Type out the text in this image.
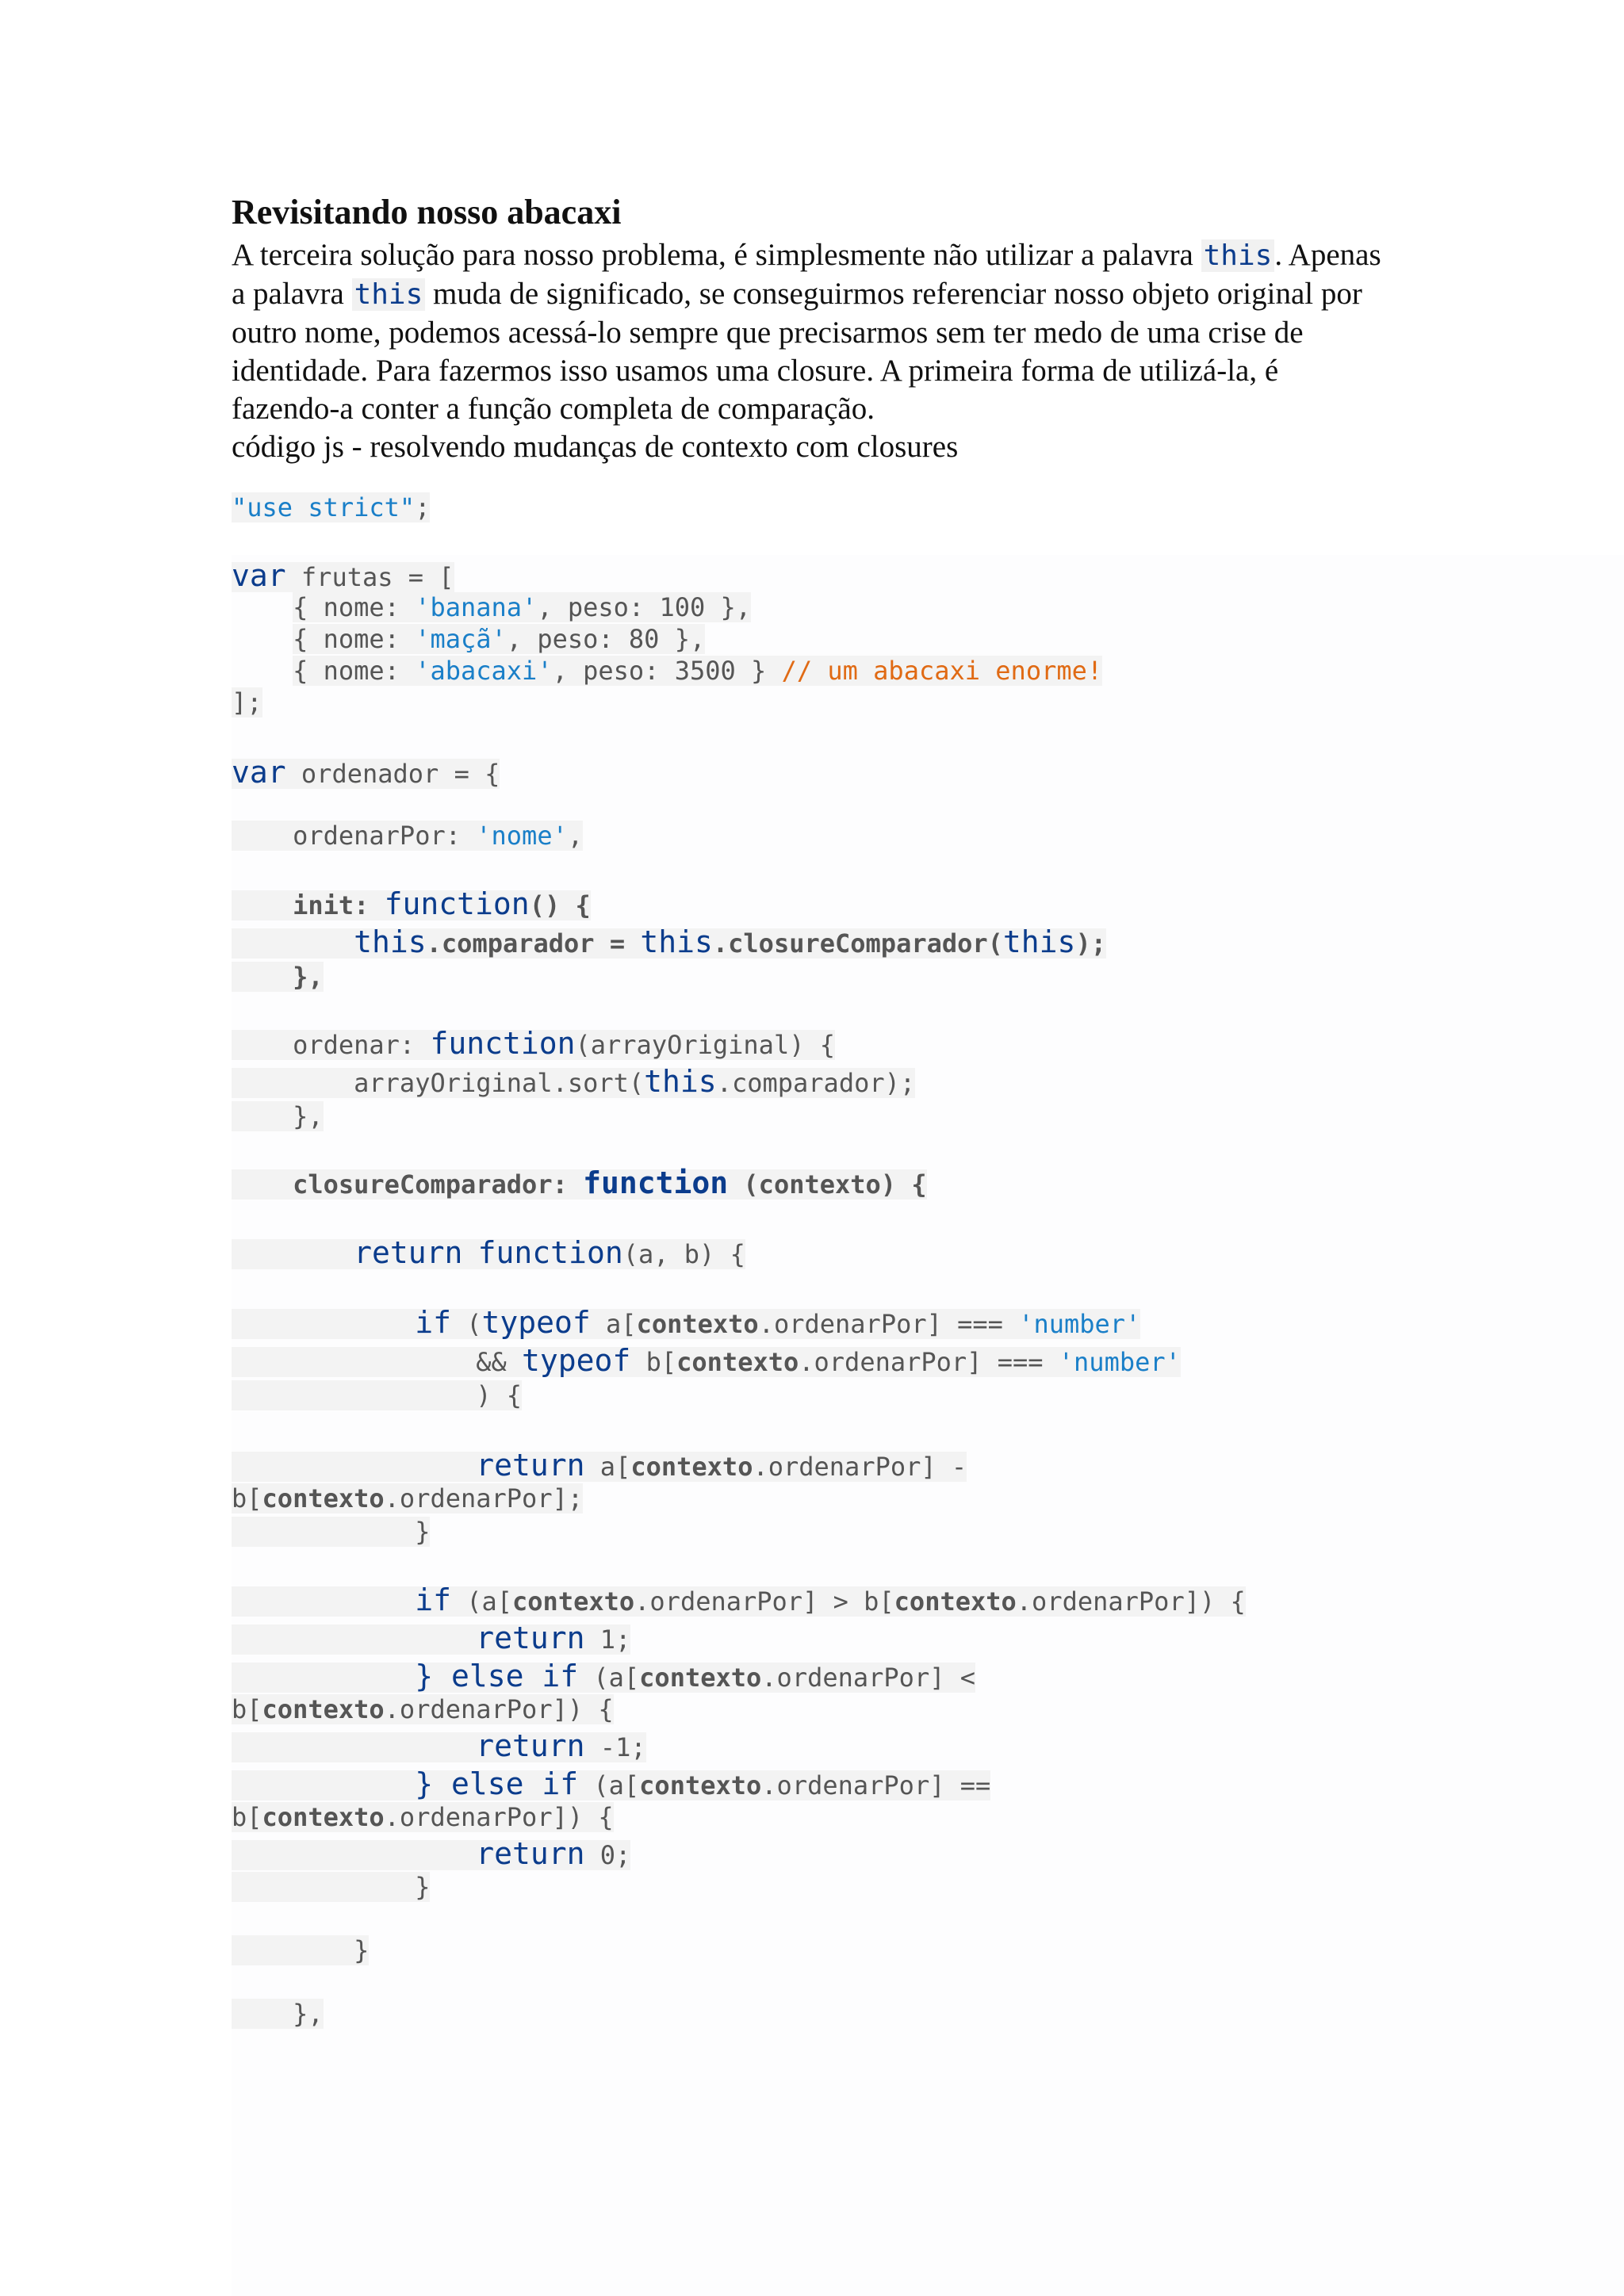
Revisitando nosso abacaxi

A terceira solução para nosso problema, é simplesmente não utilizar a palavra this. Apenas a palavra this muda de significado, se conseguirmos referenciar nosso objeto original por outro nome, podemos acessá-lo sempre que precisarmos sem ter medo de uma crise de identidade. Para fazermos isso usamos uma closure. A primeira forma de utilizá-la, é fazendo-a conter a função completa de comparação.

código js - resolvendo mudanças de contexto com closures

"use strict";
var frutas = [
{ nome: 'banana', peso: 100 },
{ nome: 'maçã', peso: 80 },
{ nome: 'abacaxi', peso: 3500 } // um abacaxi enorme!
];
var ordenador = {
ordenarPor: 'nome',
init: function() {
this.comparador = this.closureComparador(this);
},
ordenar: function(arrayOriginal) {
arrayOriginal.sort(this.comparador);
},
closureComparador: function (contexto) {
return function(a, b) {
if (typeof a[contexto.ordenarPor] === 'number'
&& typeof b[contexto.ordenarPor] === 'number'
) {
return a[contexto.ordenarPor] -
b[contexto.ordenarPor];
}
if (a[contexto.ordenarPor] > b[contexto.ordenarPor]) {
return 1;
} else if (a[contexto.ordenarPor] <
b[contexto.ordenarPor]) {
return -1;
} else if (a[contexto.ordenarPor] ==
b[contexto.ordenarPor]) {
return 0;
}
}
},
